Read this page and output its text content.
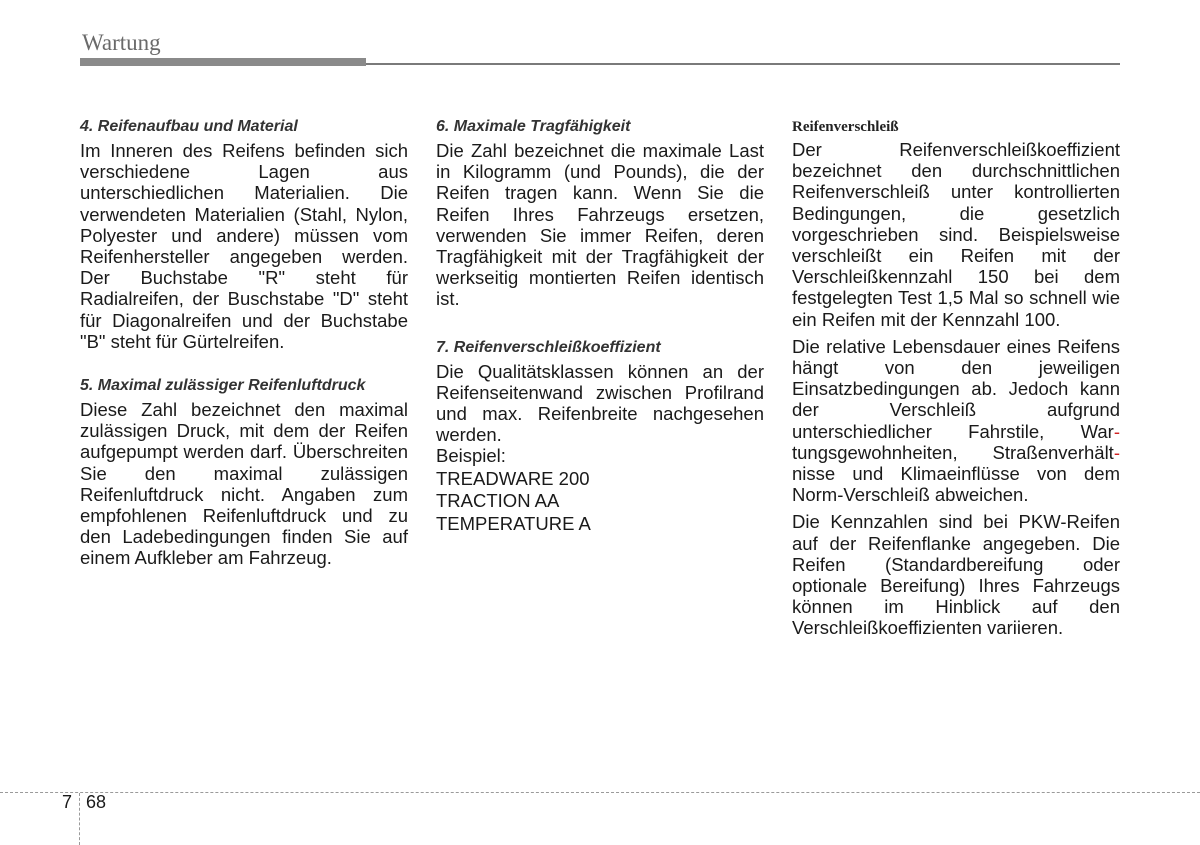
Wartung
4. Reifenaufbau und Material

Im Inneren des Reifens befinden sich verschiedene Lagen aus unterschiedlichen Materialien. Die verwendeten Materialien (Stahl, Nylon, Polyester und andere) müssen vom Reifenhersteller angegeben werden. Der Buchstabe "R" steht für Radialreifen, der Buschstabe "D" steht für Diagonalreifen und der Buchstabe "B" steht für Gürtelreifen.

5. Maximal zulässiger Reifenluftdruck

Diese Zahl bezeichnet den maximal zulässigen Druck, mit dem der Reifen aufgepumpt werden darf. Überschreiten Sie den maximal zulässigen Reifenluftdruck nicht. Angaben zum empfohlenen Reifenluftdruck und zu den Ladebedingungen finden Sie auf einem Aufkleber am Fahrzeug.

6. Maximale Tragfähigkeit

Die Zahl bezeichnet die maximale Last in Kilogramm (und Pounds), die der Reifen tragen kann. Wenn Sie die Reifen Ihres Fahrzeugs ersetzen, verwenden Sie immer Reifen, deren Tragfähigkeit mit der Tragfähigkeit der werkseitig montierten Reifen identisch ist.

7. Reifenverschleißkoeffizient

Die Qualitätsklassen können an der Reifenseitenwand zwischen Profilrand und max. Reifenbreite nachgesehen werden.

Beispiel:
TREADWARE 200
TRACTION AA
TEMPERATURE A
Reifenverschleiß

Der Reifenverschleißkoeffizient bezeichnet den durchschnittlichen Reifenverschleiß unter kontrollierten Bedingungen, die gesetzlich vorgeschrieben sind. Beispielsweise verschleißt ein Reifen mit der Verschleißkennzahl 150 bei dem festgelegten Test 1,5 Mal so schnell wie ein Reifen mit der Kennzahl 100.

Die relative Lebensdauer eines Reifens hängt von den jeweiligen Einsatzbedingungen ab. Jedoch kann der Verschleiß aufgrund unterschiedlicher Fahrstile, War- tungsgewohnheiten, Straßenverhält- nisse und Klimaeinflüsse von dem Norm-Verschleiß abweichen.

Die Kennzahlen sind bei PKW-Reifen auf der Reifenflanke angegeben. Die Reifen (Standardbereifung oder optionale Bereifung) Ihres Fahrzeugs können im Hinblick auf den Verschleißkoeffizienten variieren.

7 68
